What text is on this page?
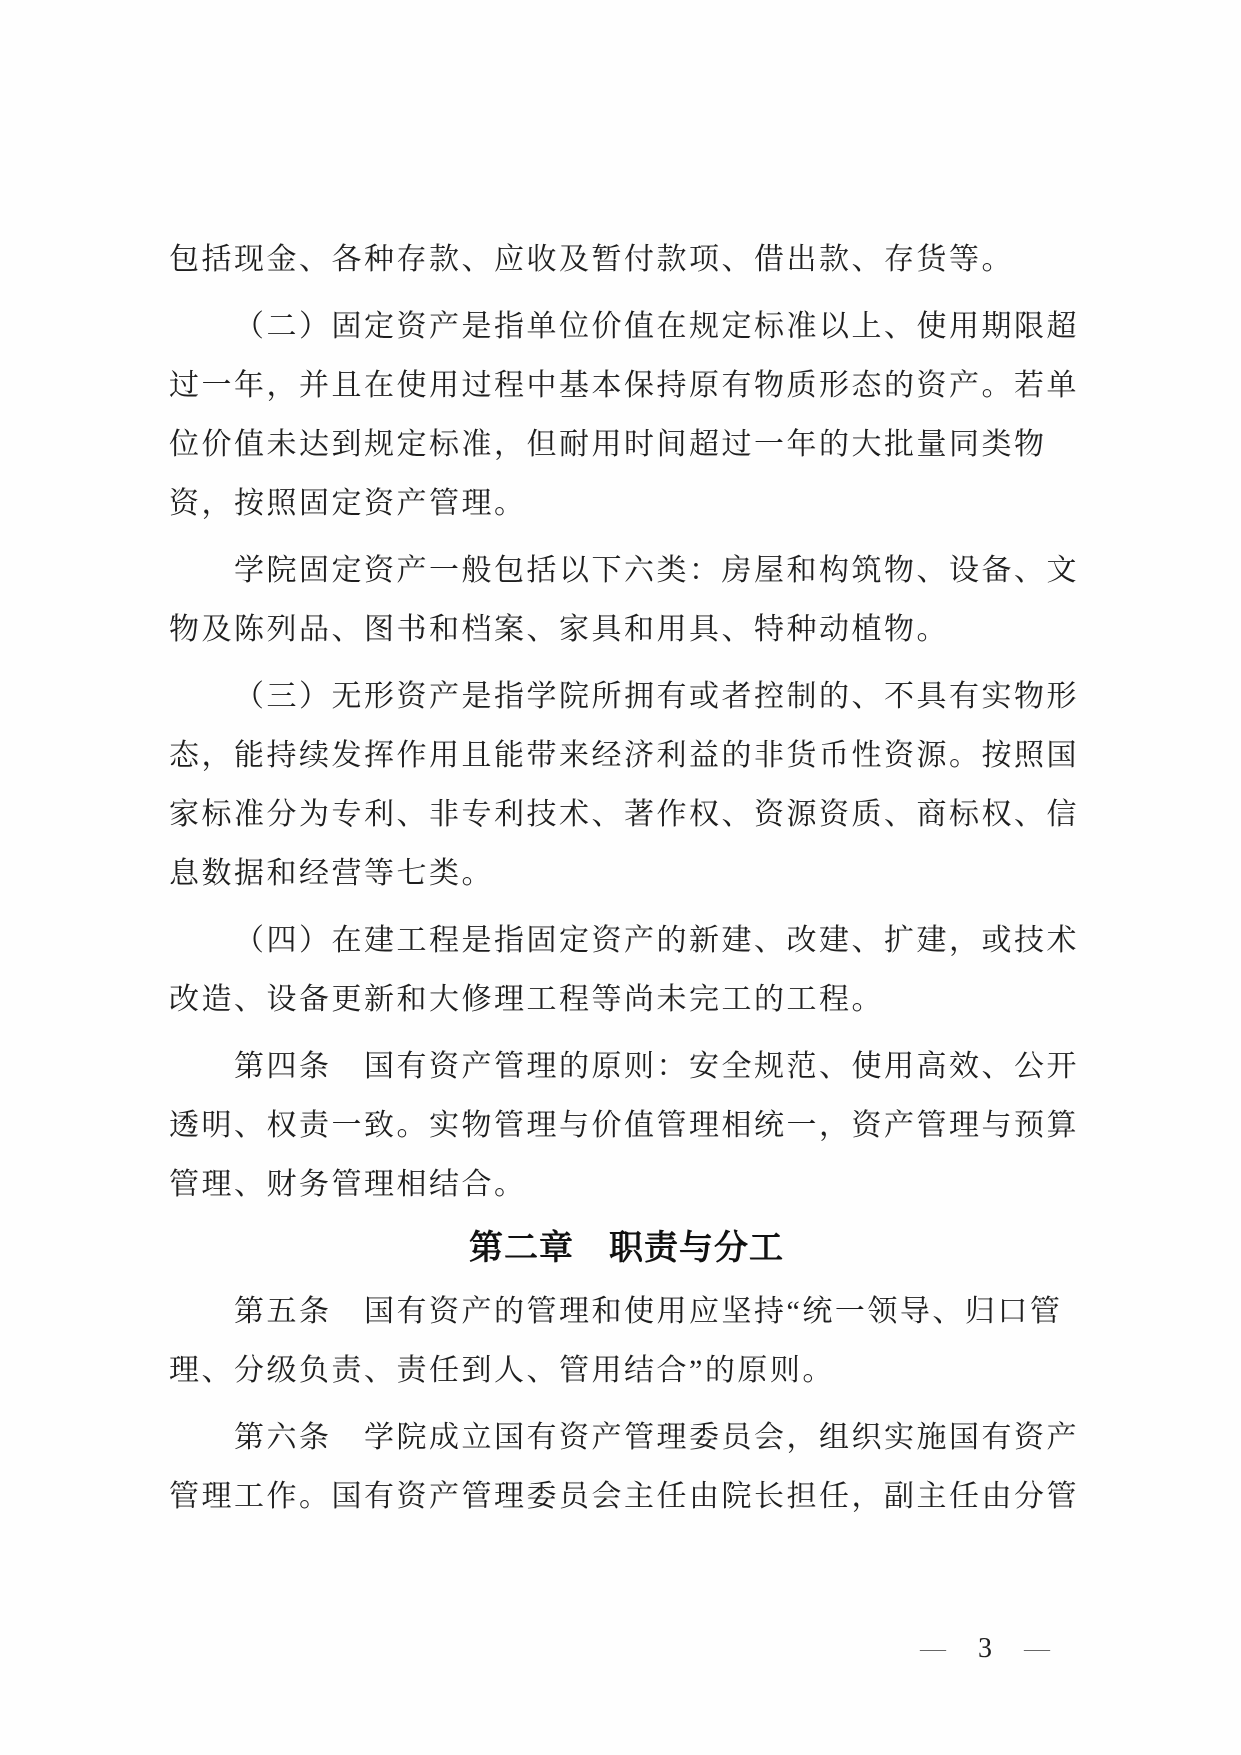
包括现金、各种存款、应收及暂付款项、借出款、存货等。
（二）固定资产是指单位价值在规定标准以上、使用期限超
过一年，并且在使用过程中基本保持原有物质形态的资产。若单
位价值未达到规定标准，但耐用时间超过一年的大批量同类物
资，按照固定资产管理。
学院固定资产一般包括以下六类：房屋和构筑物、设备、文
物及陈列品、图书和档案、家具和用具、特种动植物。
（三）无形资产是指学院所拥有或者控制的、不具有实物形
态，能持续发挥作用且能带来经济利益的非货币性资源。按照国
家标准分为专利、非专利技术、著作权、资源资质、商标权、信
息数据和经营等七类。
（四）在建工程是指固定资产的新建、改建、扩建，或技术
改造、设备更新和大修理工程等尚未完工的工程。
第四条　国有资产管理的原则：安全规范、使用高效、公开
透明、权责一致。实物管理与价值管理相统一，资产管理与预算
管理、财务管理相结合。
第二章　职责与分工
第五条　国有资产的管理和使用应坚持“统一领导、归口管
理、分级负责、责任到人、管用结合”的原则。
第六条　学院成立国有资产管理委员会，组织实施国有资产
管理工作。国有资产管理委员会主任由院长担任，副主任由分管
— 3 —
